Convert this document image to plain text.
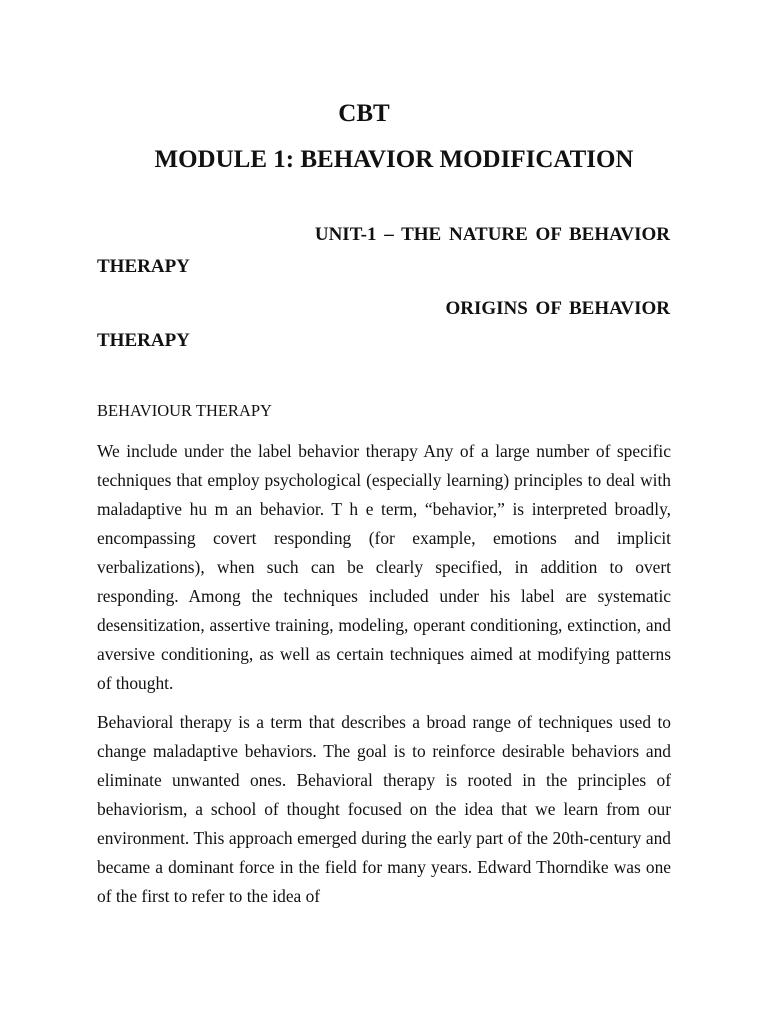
CBT
MODULE 1: BEHAVIOR MODIFICATION
UNIT-1 – THE NATURE OF BEHAVIOR
THERAPY
ORIGINS OF BEHAVIOR
THERAPY

BEHAVIOUR THERAPY

We include under the label behavior therapy Any of a large number of specific techniques that employ psychological (especially learning) principles to deal with maladaptive hu m an behavior. T h e term, “behavior,” is interpreted broadly, encompassing covert responding (for example, emotions and implicit verbalizations), when such can be clearly specified, in addition to overt responding. Among the techniques included under his label are systematic desensitization, assertive training, modeling, operant conditioning, extinction, and aversive conditioning, as well as certain techniques aimed at modifying patterns of thought.

Behavioral therapy is a term that describes a broad range of techniques used to change maladaptive behaviors. The goal is to reinforce desirable behaviors and eliminate unwanted ones. Behavioral therapy is rooted in the principles of behaviorism, a school of thought focused on the idea that we learn from our environment. This approach emerged during the early part of the 20th-century and became a dominant force in the field for many years. Edward Thorndike was one of the first to refer to the idea of
